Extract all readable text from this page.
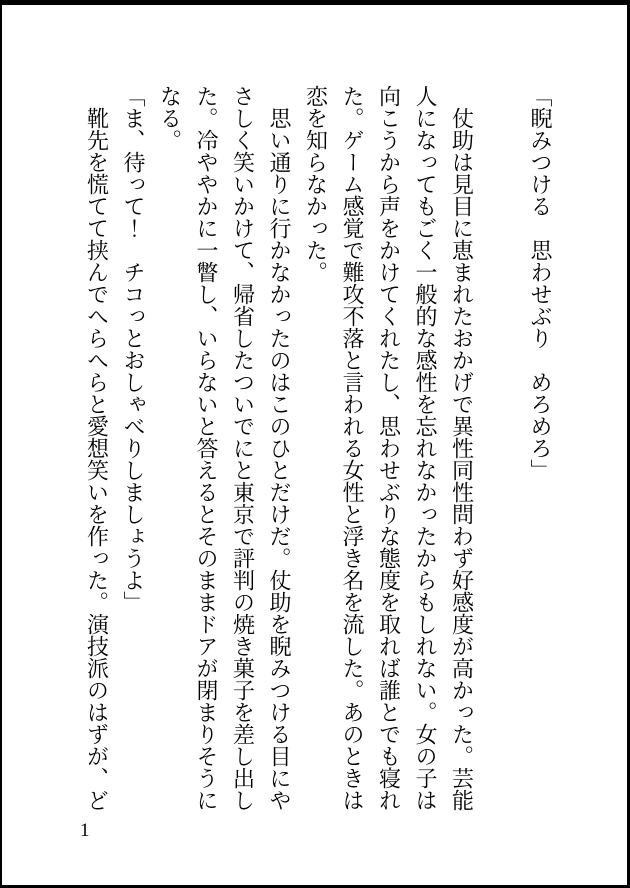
「睨みつける　思わせぶり　めろめろ」

　仗助は見目に恵まれたおかげで異性同性問わず好感度が高かった。芸能

人になってもごく一般的な感性を忘れなかったからもしれない。女の子は

向こうから声をかけてくれたし、思わせぶりな態度を取れば誰とでも寝れ

た。ゲーム感覚で難攻不落と言われる女性と浮き名を流した。あのときは

恋を知らなかった。

　思い通りに行かなかったのはこのひとだけだ。仗助を睨みつける目にや

さしく笑いかけて、帰省したついでにと東京で評判の焼き菓子を差し出し

た。冷ややかに一瞥し、いらないと答えるとそのままドアが閉まりそうに

なる。

「ま、待って！　チコっとおしゃべりしましょうよ」

　靴先を慌てて挟んでへらへらと愛想笑いを作った。演技派のはずが、ど

1
